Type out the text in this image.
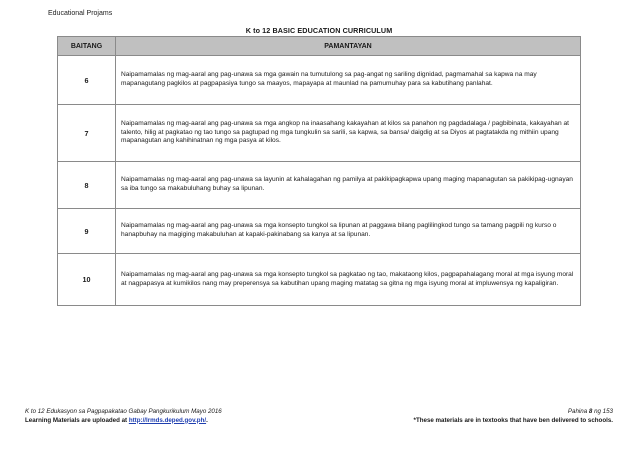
Educational Projams
K to 12 BASIC EDUCATION CURRICULUM
BAITANG	PAMANTAYAN
6	Naipamamalas ng mag-aaral ang pag-unawa sa mga gawain na tumutulong sa pag-angat ng sariling dignidad, pagmamahal sa kapwa na may mapanagutang pagkilos at pagpapasiya tungo sa maayos, mapayapa at maunlad na pamumuhay para sa kabutihang panlahat.
7	Naipamamalas ng mag-aaral ang pag-unawa sa mga angkop na inaasahang kakayahan at kilos sa panahon ng pagdadalaga / pagbibinata, kakayahan at talento, hilig at pagkatao ng tao tungo sa pagtupad ng mga tungkulin sa sarili, sa kapwa, sa bansa/ daigdig at sa Diyos at pagtatakda ng mithiin upang mapanagutan ang kahihinatnan ng mga pasya at kilos.
8	Naipamamalas ng mag-aaral ang pag-unawa sa layunin at kahalagahan ng pamilya at pakikipagkapwa upang maging mapanagutan sa pakikipag-ugnayan sa iba tungo sa makabuluhang buhay sa lipunan.
9	Naipamamalas ng mag-aaral ang pag-unawa sa mga konsepto tungkol sa lipunan at paggawa bilang paglilingkod tungo sa tamang pagpili ng kurso o hanapbuhay na magiging makabuluhan at kapaki-pakinabang sa kanya at sa lipunan.
10	Naipamamalas ng mag-aaral ang pag-unawa sa mga konsepto tungkol sa pagkatao ng tao, makataong kilos, pagpapahalagang moral at mga isyung moral at nagpapasya at kumikilos nang may preperensya sa kabutihan upang maging matatag sa gitna ng mga isyung moral at impluwensya ng kapaligiran.
K to 12 Edukasyon sa Pagpapakatao Gabay Pangkurikulum Mayo 2016
Learning Materials are uploaded at http://lrmds.deped.gov.ph/.
Pahina 8 ng 153
*These materials are in textooks that have ben delivered to schools.
